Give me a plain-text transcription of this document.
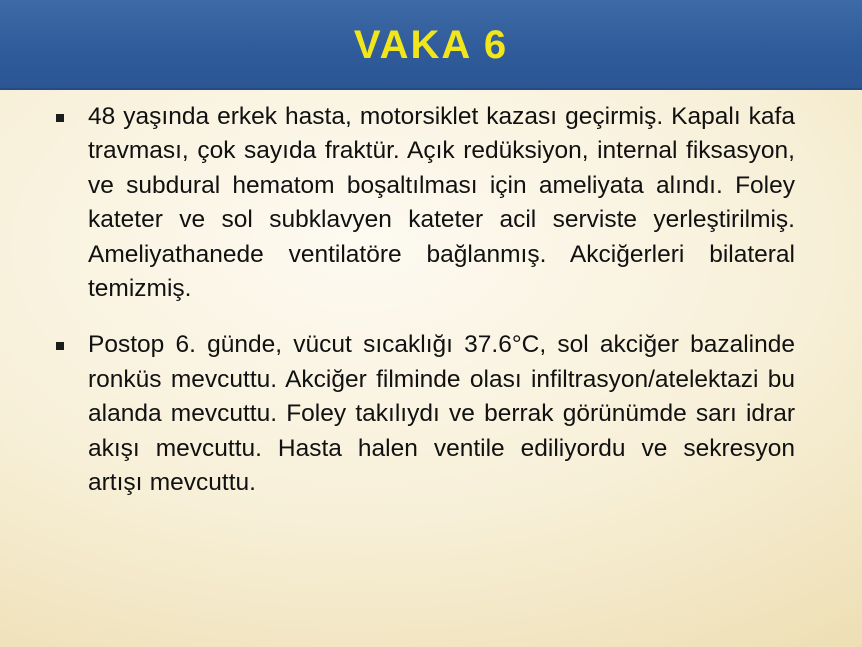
VAKA 6
48 yaşında erkek hasta, motorsiklet kazası geçirmiş. Kapalı kafa travması, çok sayıda fraktür. Açık redüksiyon, internal fiksasyon, ve subdural hematom boşaltılması için ameliyata alındı. Foley kateter ve sol subklavyen kateter acil serviste yerleştirilmiş. Ameliyathanede ventilatöre bağlanmış. Akciğerleri bilateral temizmiş.
Postop 6. günde, vücut sıcaklığı 37.6°C, sol akciğer bazalinde ronküs mevcuttu. Akciğer filminde olası infiltrasyon/atelektazi bu alanda mevcuttu. Foley takılıydı ve berrak görünümde sarı idrar akışı mevcuttu. Hasta halen ventile ediliyordu ve sekresyon artışı mevcuttu.
